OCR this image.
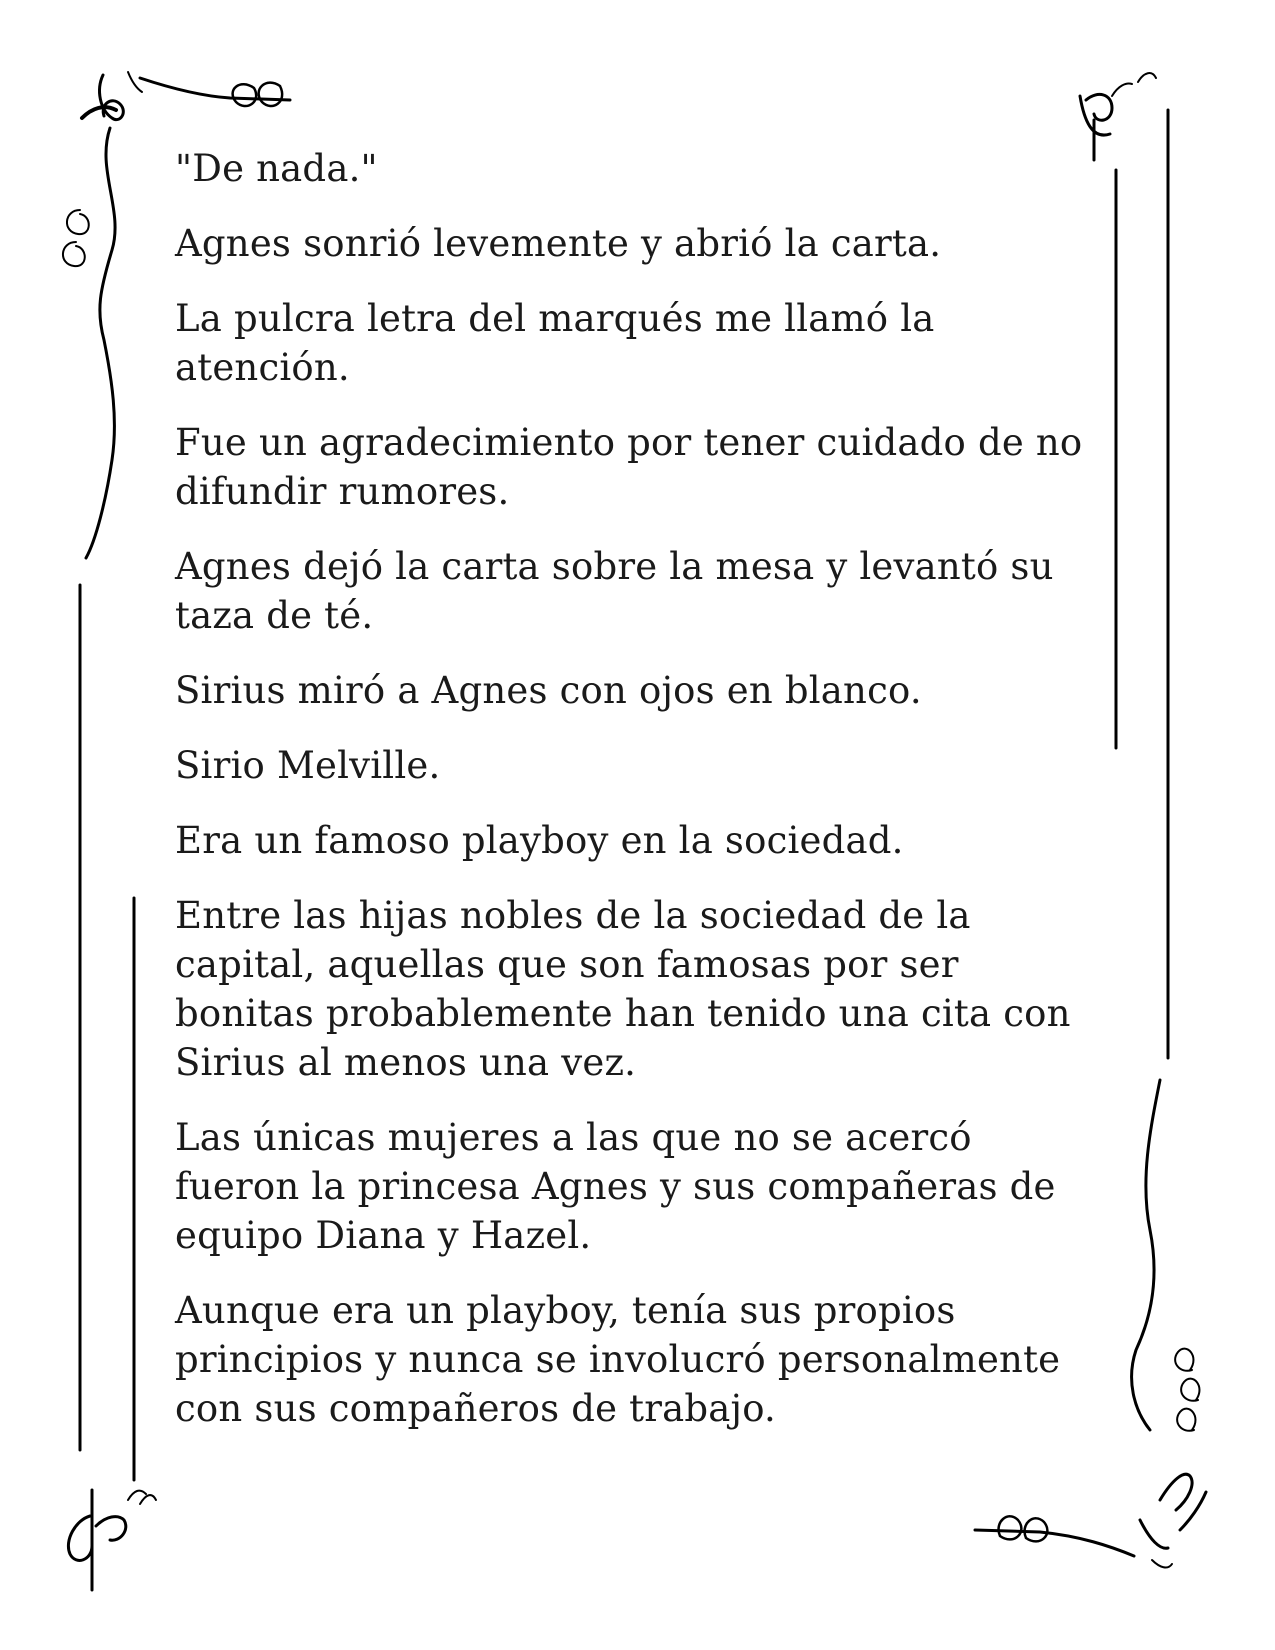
"De nada."

Agnes sonrió levemente y abrió la carta.

La pulcra letra del marqués me llamó la atención.

Fue un agradecimiento por tener cuidado de no difundir rumores.

Agnes dejó la carta sobre la mesa y levantó su taza de té.

Sirius miró a Agnes con ojos en blanco.

Sirio Melville.

Era un famoso playboy en la sociedad.

Entre las hijas nobles de la sociedad de la capital, aquellas que son famosas por ser bonitas probablemente han tenido una cita con Sirius al menos una vez.

Las únicas mujeres a las que no se acercó fueron la princesa Agnes y sus compañeras de equipo Diana y Hazel.

Aunque era un playboy, tenía sus propios principios y nunca se involucró personalmente con sus compañeros de trabajo.
